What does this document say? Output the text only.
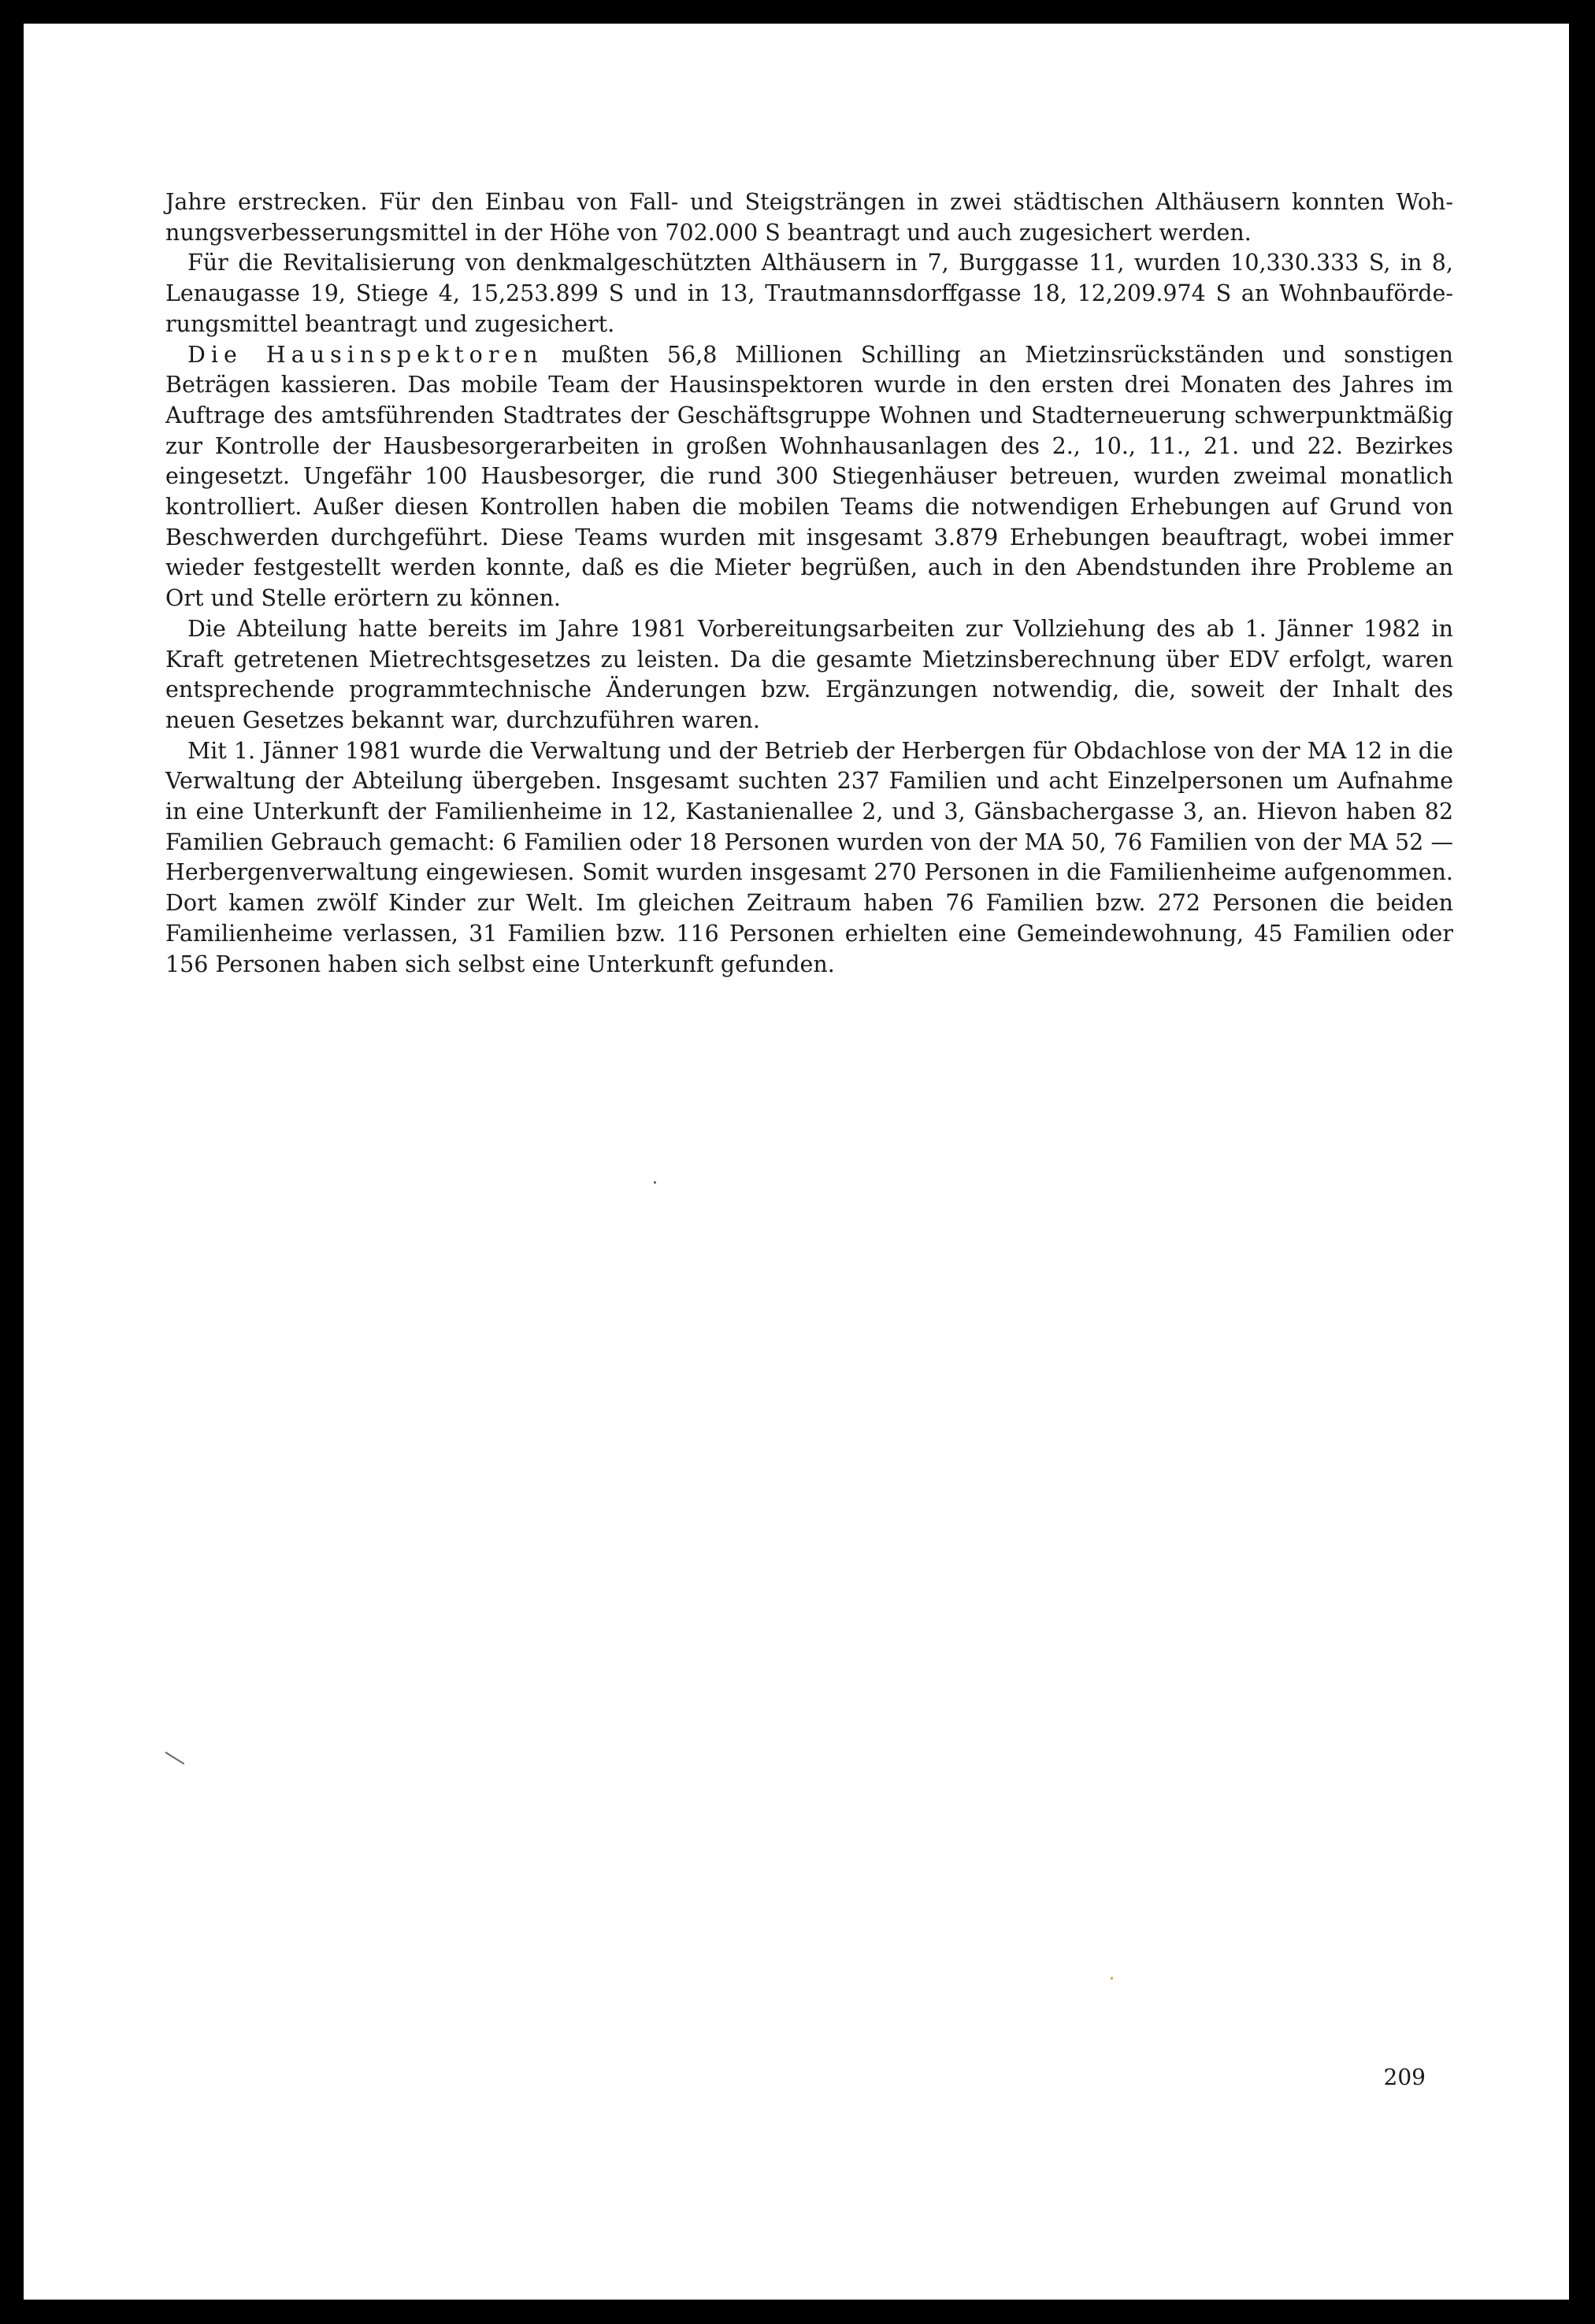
Jahre erstrecken. Für den Einbau von Fall- und Steigsträngen in zwei städtischen Althäusern konnten Wohnungsverbesserungsmittel in der Höhe von 702.000 S beantragt und auch zugesichert werden.

Für die Revitalisierung von denkmalgeschützten Althäusern in 7, Burggasse 11, wurden 10,330.333 S, in 8, Lenaugasse 19, Stiege 4, 15,253.899 S und in 13, Trautmannsdorffgasse 18, 12,209.974 S an Wohnbauförderungsmittel beantragt und zugesichert.

Die Hausinspektoren mußten 56,8 Millionen Schilling an Mietzinsrückständen und sonstigen Beträgen kassieren. Das mobile Team der Hausinspektoren wurde in den ersten drei Monaten des Jahres im Auftrage des amtsführenden Stadtrates der Geschäftsgruppe Wohnen und Stadterneuerung schwerpunktmäßig zur Kontrolle der Hausbesorgerarbeiten in großen Wohnhausanlagen des 2., 10., 11., 21. und 22. Bezirkes eingesetzt. Ungefähr 100 Hausbesorger, die rund 300 Stiegenhäuser betreuen, wurden zweimal monatlich kontrolliert. Außer diesen Kontrollen haben die mobilen Teams die notwendigen Erhebungen auf Grund von Beschwerden durchgeführt. Diese Teams wurden mit insgesamt 3.879 Erhebungen beauftragt, wobei immer wieder festgestellt werden konnte, daß es die Mieter begrüßen, auch in den Abendstunden ihre Probleme an Ort und Stelle erörtern zu können.

Die Abteilung hatte bereits im Jahre 1981 Vorbereitungsarbeiten zur Vollziehung des ab 1. Jänner 1982 in Kraft getretenen Mietrechtsgesetzes zu leisten. Da die gesamte Mietzinsberechnung über EDV erfolgt, waren entsprechende programmtechnische Änderungen bzw. Ergänzungen notwendig, die, soweit der Inhalt des neuen Gesetzes bekannt war, durchzuführen waren.

Mit 1. Jänner 1981 wurde die Verwaltung und der Betrieb der Herbergen für Obdachlose von der MA 12 in die Verwaltung der Abteilung übergeben. Insgesamt suchten 237 Familien und acht Einzelpersonen um Aufnahme in eine Unterkunft der Familienheime in 12, Kastanienallee 2, und 3, Gänsbachergasse 3, an. Hievon haben 82 Familien Gebrauch gemacht: 6 Familien oder 18 Personen wurden von der MA 50, 76 Familien von der MA 52 — Herbergenverwaltung eingewiesen. Somit wurden insgesamt 270 Personen in die Familienheime aufgenommen. Dort kamen zwölf Kinder zur Welt. Im gleichen Zeitraum haben 76 Familien bzw. 272 Personen die beiden Familienheime verlassen, 31 Familien bzw. 116 Personen erhielten eine Gemeindewohnung, 45 Familien oder 156 Personen haben sich selbst eine Unterkunft gefunden.

209
